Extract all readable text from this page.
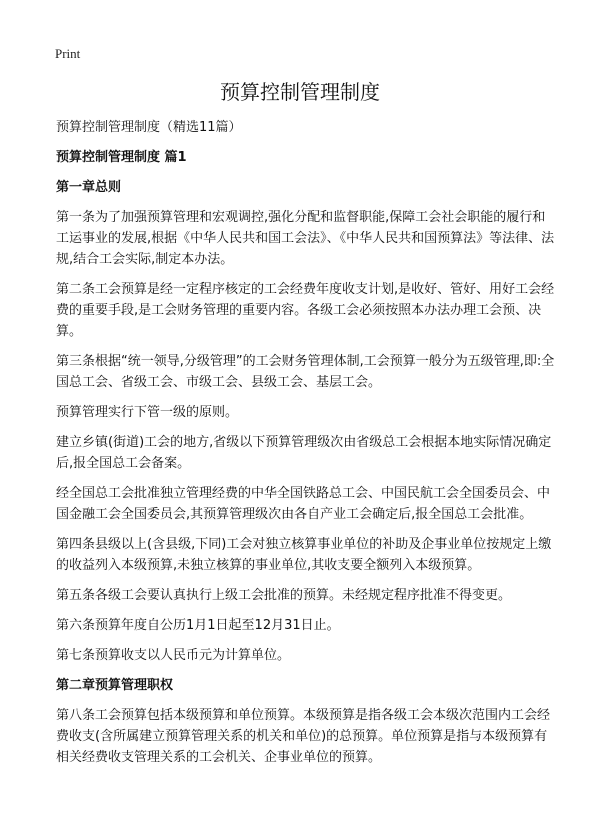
Print
预算控制管理制度

预算控制管理制度（精选11篇）

预算控制管理制度 篇1
第一章总则

第一条为了加强预算管理和宏观调控,强化分配和监督职能,保障工会社会职能的履行和工运事业的发展,根据《中华人民共和国工会法》、《中华人民共和国预算法》等法律、法规,结合工会实际,制定本办法。

第二条工会预算是经一定程序核定的工会经费年度收支计划,是收好、管好、用好工会经费的重要手段,是工会财务管理的重要内容。各级工会必须按照本办法办理工会预、决算。

第三条根据“统一领导,分级管理”的工会财务管理体制,工会预算一般分为五级管理,即:全国总工会、省级工会、市级工会、县级工会、基层工会。

预算管理实行下管一级的原则。

建立乡镇(街道)工会的地方,省级以下预算管理级次由省级总工会根据本地实际情况确定后,报全国总工会备案。

经全国总工会批准独立管理经费的中华全国铁路总工会、中国民航工会全国委员会、中国金融工会全国委员会,其预算管理级次由各自产业工会确定后,报全国总工会批准。

第四条县级以上(含县级,下同)工会对独立核算事业单位的补助及企事业单位按规定上缴的收益列入本级预算,未独立核算的事业单位,其收支要全额列入本级预算。

第五条各级工会要认真执行上级工会批准的预算。未经规定程序批准不得变更。

第六条预算年度自公历1月1日起至12月31日止。

第七条预算收支以人民币元为计算单位。

第二章预算管理职权

第八条工会预算包括本级预算和单位预算。本级预算是指各级工会本级次范围内工会经费收支(含所属建立预算管理关系的机关和单位)的总预算。单位预算是指与本级预算有相关经费收支管理关系的工会机关、企事业单位的预算。
